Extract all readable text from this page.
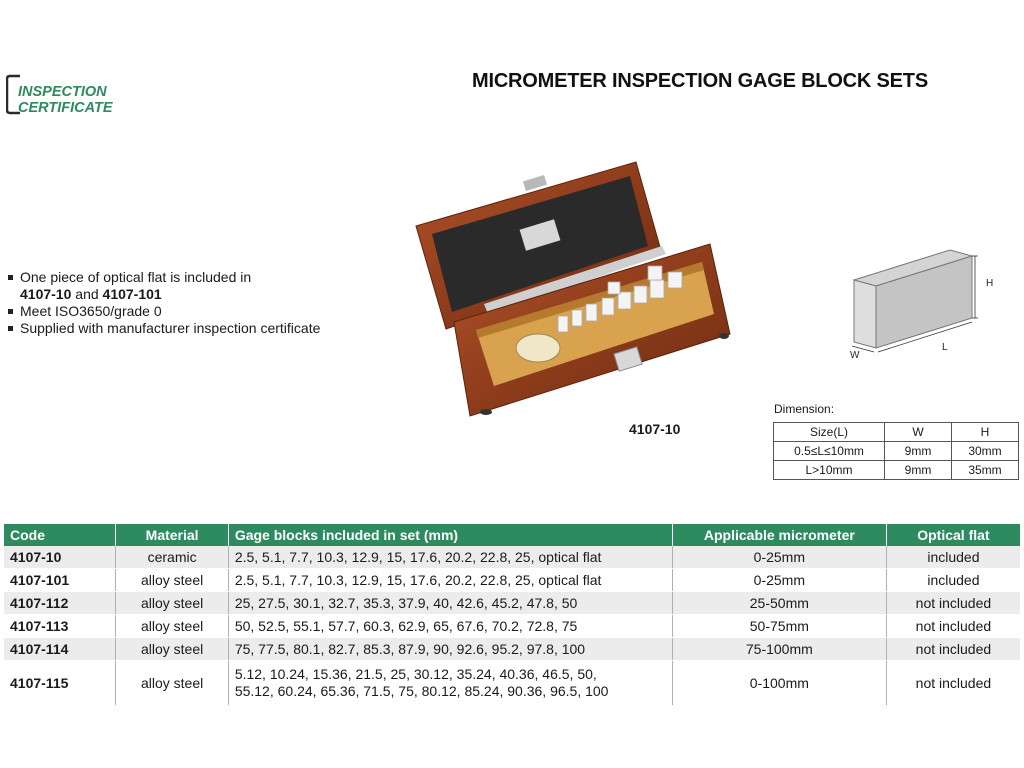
INSPECTION
CERTIFICATE
MICROMETER INSPECTION GAGE BLOCK SETS
One piece of optical flat is included in
4107-10 and 4107-101
Meet ISO3650/grade 0
Supplied with manufacturer inspection certificate
4107-10
H
L
W
Dimension:
Size(L)	W	H
0.5≤L≤10mm	9mm	30mm
L>10mm	9mm	35mm
Code	Material	Gage blocks included in set (mm)	Applicable micrometer	Optical flat
4107-10	ceramic	2.5, 5.1, 7.7, 10.3, 12.9, 15, 17.6, 20.2, 22.8, 25, optical flat	0-25mm	included
4107-101	alloy steel	2.5, 5.1, 7.7, 10.3, 12.9, 15, 17.6, 20.2, 22.8, 25, optical flat	0-25mm	included
4107-112	alloy steel	25, 27.5, 30.1, 32.7, 35.3, 37.9, 40, 42.6, 45.2, 47.8, 50	25-50mm	not included
4107-113	alloy steel	50, 52.5, 55.1, 57.7, 60.3, 62.9, 65, 67.6, 70.2, 72.8, 75	50-75mm	not included
4107-114	alloy steel	75, 77.5, 80.1, 82.7, 85.3, 87.9, 90, 92.6, 95.2, 97.8, 100	75-100mm	not included
4107-115	alloy steel	5.12, 10.24, 15.36, 21.5, 25, 30.12, 35.24, 40.36, 46.5, 50,
55.12, 60.24, 65.36, 71.5, 75, 80.12, 85.24, 90.36, 96.5, 100	0-100mm	not included
